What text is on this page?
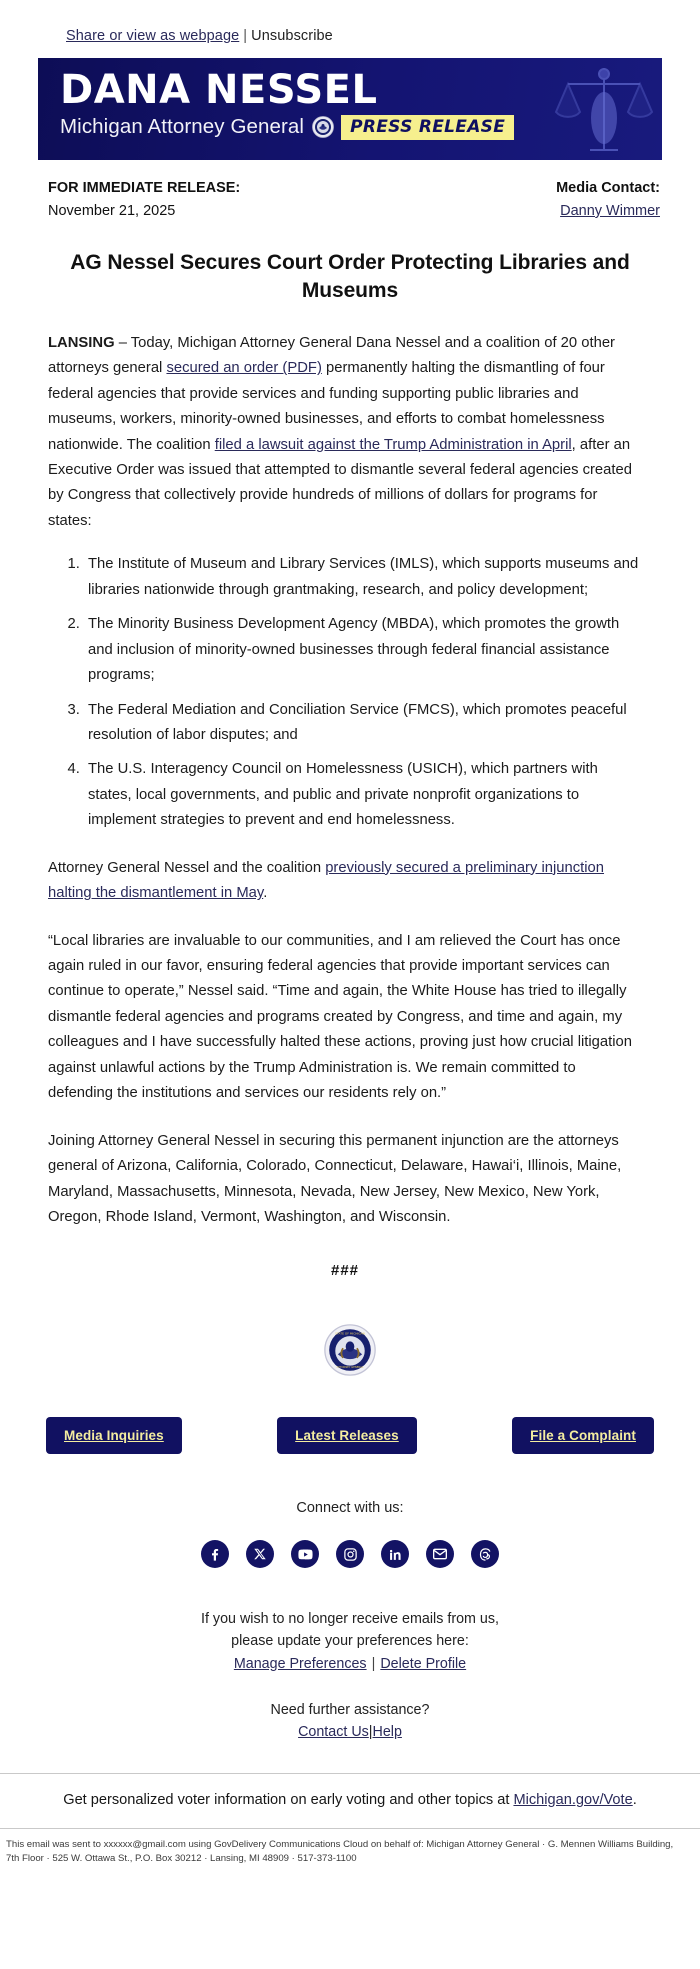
Share or view as webpage | Unsubscribe
DANA NESSEL
Michigan Attorney General	PRESS RELEASE
FOR IMMEDIATE RELEASE:
November 21, 2025
Media Contact:
Danny Wimmer
AG Nessel Secures Court Order Protecting Libraries and Museums

LANSING – Today, Michigan Attorney General Dana Nessel and a coalition of 20 other attorneys general secured an order (PDF) permanently halting the dismantling of four federal agencies that provide services and funding supporting public libraries and museums, workers, minority-owned businesses, and efforts to combat homelessness nationwide. The coalition filed a lawsuit against the Trump Administration in April, after an Executive Order was issued that attempted to dismantle several federal agencies created by Congress that collectively provide hundreds of millions of dollars for programs for states:

1. The Institute of Museum and Library Services (IMLS), which supports museums and libraries nationwide through grantmaking, research, and policy development;
2. The Minority Business Development Agency (MBDA), which promotes the growth and inclusion of minority-owned businesses through federal financial assistance programs;
3. The Federal Mediation and Conciliation Service (FMCS), which promotes peaceful resolution of labor disputes; and
4. The U.S. Interagency Council on Homelessness (USICH), which partners with states, local governments, and public and private nonprofit organizations to implement strategies to prevent and end homelessness.

Attorney General Nessel and the coalition previously secured a preliminary injunction halting the dismantlement in May.

“Local libraries are invaluable to our communities, and I am relieved the Court has once again ruled in our favor, ensuring federal agencies that provide important services can continue to operate,” Nessel said. “Time and again, the White House has tried to illegally dismantle federal agencies and programs created by Congress, and time and again, my colleagues and I have successfully halted these actions, proving just how crucial litigation against unlawful actions by the Trump Administration is. We remain committed to defending the institutions and services our residents rely on.”

Joining Attorney General Nessel in securing this permanent injunction are the attorneys general of Arizona, California, Colorado, Connecticut, Delaware, Hawai‘i, Illinois, Maine, Maryland, Massachusetts, Minnesota, Nevada, New Jersey, New Mexico, New York, Oregon, Rhode Island, Vermont, Washington, and Wisconsin.

###
STATE OF MICHIGAN
ATTORNEY GENERAL
Media Inquiries	Latest Releases	File a Complaint
Connect with us:
If you wish to no longer receive emails from us,
please update your preferences here:
Manage Preferences | Delete Profile
Need further assistance?
Contact Us|Help
Get personalized voter information on early voting and other topics at Michigan.gov/Vote.
This email was sent to xxxxxx@gmail.com using GovDelivery Communications Cloud on behalf of: Michigan Attorney General · G. Mennen Williams Building,
7th Floor · 525 W. Ottawa St., P.O. Box 30212 · Lansing, MI 48909 · 517-373-1100
